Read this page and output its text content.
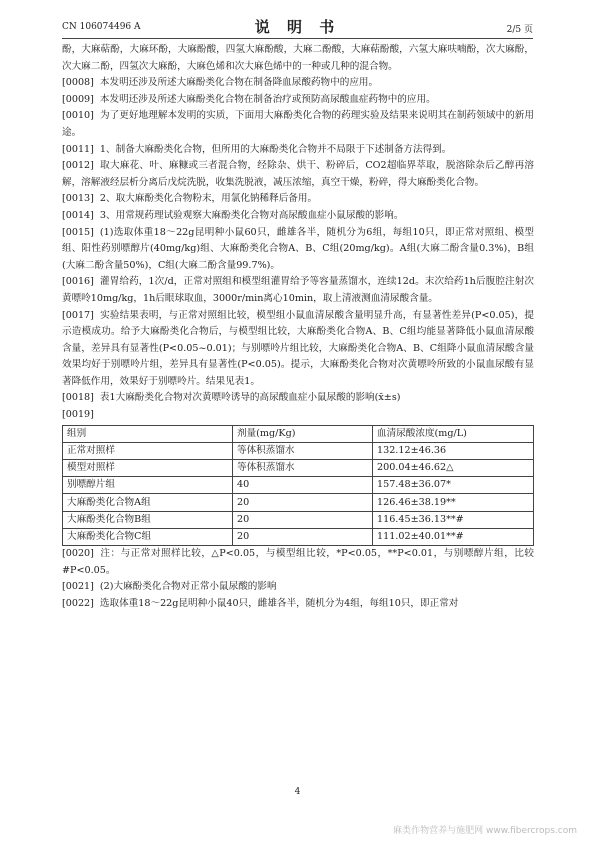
CN 106074496 A	说 明 书	2/5 页

酚，大麻萜酚，大麻环酚，大麻酚酸，四氢大麻酚酸，大麻二酚酸，大麻萜酚酸，六氢大麻呋喃酚，次大麻酚，次大麻二酚，四氢次大麻酚，大麻色烯和次大麻色烯中的一种或几种的混合物。

[0008] 本发明还涉及所述大麻酚类化合物在制备降血尿酸药物中的应用。

[0009] 本发明还涉及所述大麻酚类化合物在制备治疗或预防高尿酸血症药物中的应用。

[0010] 为了更好地理解本发明的实质，下面用大麻酚类化合物的药理实验及结果来说明其在制药领域中的新用途。

[0011] 1、制备大麻酚类化合物，但所用的大麻酚类化合物并不局限于下述制备方法得到。

[0012] 取大麻花、叶、麻糠或三者混合物，经除杂、烘干、粉碎后，CO2超临界萃取，脱溶除杂后乙醇再溶解，溶解液经层析分离后戊烷洗脱，收集洗脱液，减压浓缩，真空干燥，粉碎，得大麻酚类化合物。

[0013] 2、取大麻酚类化合物粉末，用氯化钠稀释后备用。

[0014] 3、用常规药理试验观察大麻酚类化合物对高尿酸血症小鼠尿酸的影响。

[0015] (1)选取体重18～22g昆明种小鼠60只，雌雄各半，随机分为6组，每组10只，即正常对照组、模型组、阳性药别嘌醇片(40mg/kg)组、大麻酚类化合物A、B、C组(20mg/kg)。A组(大麻二酚含量0.3%)，B组(大麻二酚含量50%)，C组(大麻二酚含量99.7%)。

[0016] 灌胃给药，1次/d，正常对照组和模型组灌胃给予等容量蒸馏水，连续12d。末次给药1h后腹腔注射次黄嘌呤10mg/kg，1h后眼球取血，3000r/min离心10min，取上清液测血清尿酸含量。

[0017] 实验结果表明，与正常对照组比较，模型组小鼠血清尿酸含量明显升高，有显著性差异(P<0.05)，提示造模成功。给予大麻酚类化合物后，与模型组比较，大麻酚类化合物A、B、C组均能显著降低小鼠血清尿酸含量，差异具有显著性(P<0.05~0.01)；与别嘌呤片组比较，大麻酚类化合物A、B、C组降小鼠血清尿酸含量效果均好于别嘌呤片组，差异具有显著性(P<0.05)。提示，大麻酚类化合物对次黄嘌呤所致的小鼠血尿酸有显著降低作用，效果好于别嘌呤片。结果见表1。

[0018] 表1大麻酚类化合物对次黄嘌呤诱导的高尿酸血症小鼠尿酸的影响(x̄±s)

[0019]

组别	剂量(mg/Kg)	血清尿酸浓度(mg/L)
正常对照样	等体积蒸馏水	132.12±46.36
模型对照样	等体积蒸馏水	200.04±46.62△
别嘌醇片组	40	157.48±36.07*
大麻酚类化合物A组	20	126.46±38.19**
大麻酚类化合物B组	20	116.45±36.13**#
大麻酚类化合物C组	20	111.02±40.01**#

[0020] 注：与正常对照样比较，△P<0.05，与模型组比较，*P<0.05，**P<0.01，与别嘌醇片组，比较#P<0.05。

[0021] (2)大麻酚类化合物对正常小鼠尿酸的影响

[0022] 选取体重18～22g昆明种小鼠40只，雌雄各半，随机分为4组，每组10只，即正常对

4
麻类作物营养与施肥网 www.fibercrops.com
